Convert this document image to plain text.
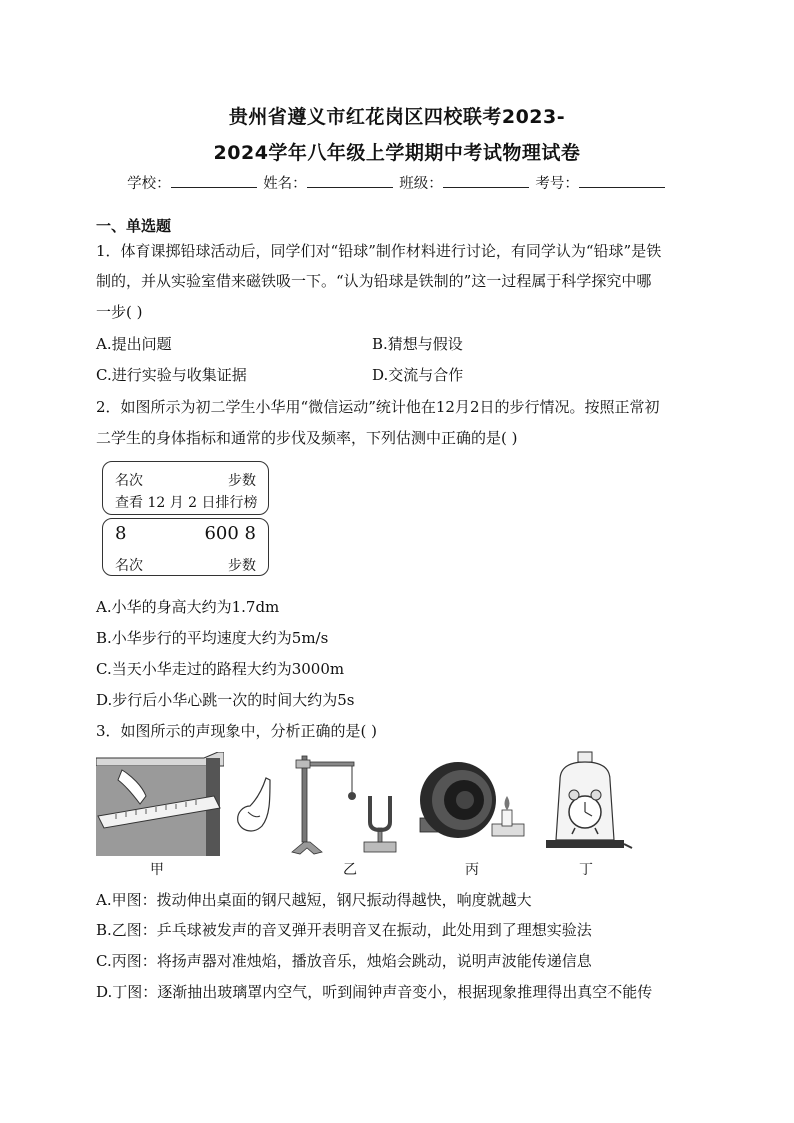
贵州省遵义市红花岗区四校联考2023-
2024学年八年级上学期期中考试物理试卷
学校：	姓名：	班级：	考号：
一、单选题
1．体育课掷铅球活动后，同学们对“铅球”制作材料进行讨论，有同学认为“铅球”是铁
制的，并从实验室借来磁铁吸一下。“认为铅球是铁制的”这一过程属于科学探究中哪
一步( )
A.提出问题	B.猜想与假设
C.进行实验与收集证据	D.交流与合作
2．如图所示为初二学生小华用“微信运动”统计他在12月2日的步行情况。按照正常初
二学生的身体指标和通常的步伐及频率，下列估测中正确的是( )
名次	步数
查看 12 月 2 日排行榜
8	600 8
名次	步数
A.小华的身高大约为1.7dm
B.小华步行的平均速度大约为5m/s
C.当天小华走过的路程大约为3000m
D.步行后小华心跳一次的时间大约为5s
3．如图所示的声现象中，分析正确的是( )
甲	乙	丙	丁
A.甲图：拨动伸出桌面的钢尺越短，钢尺振动得越快，响度就越大
B.乙图：乒乓球被发声的音叉弹开表明音叉在振动，此处用到了理想实验法
C.丙图：将扬声器对准烛焰，播放音乐，烛焰会跳动，说明声波能传递信息
D.丁图：逐渐抽出玻璃罩内空气，听到闹钟声音变小，根据现象推理得出真空不能传
